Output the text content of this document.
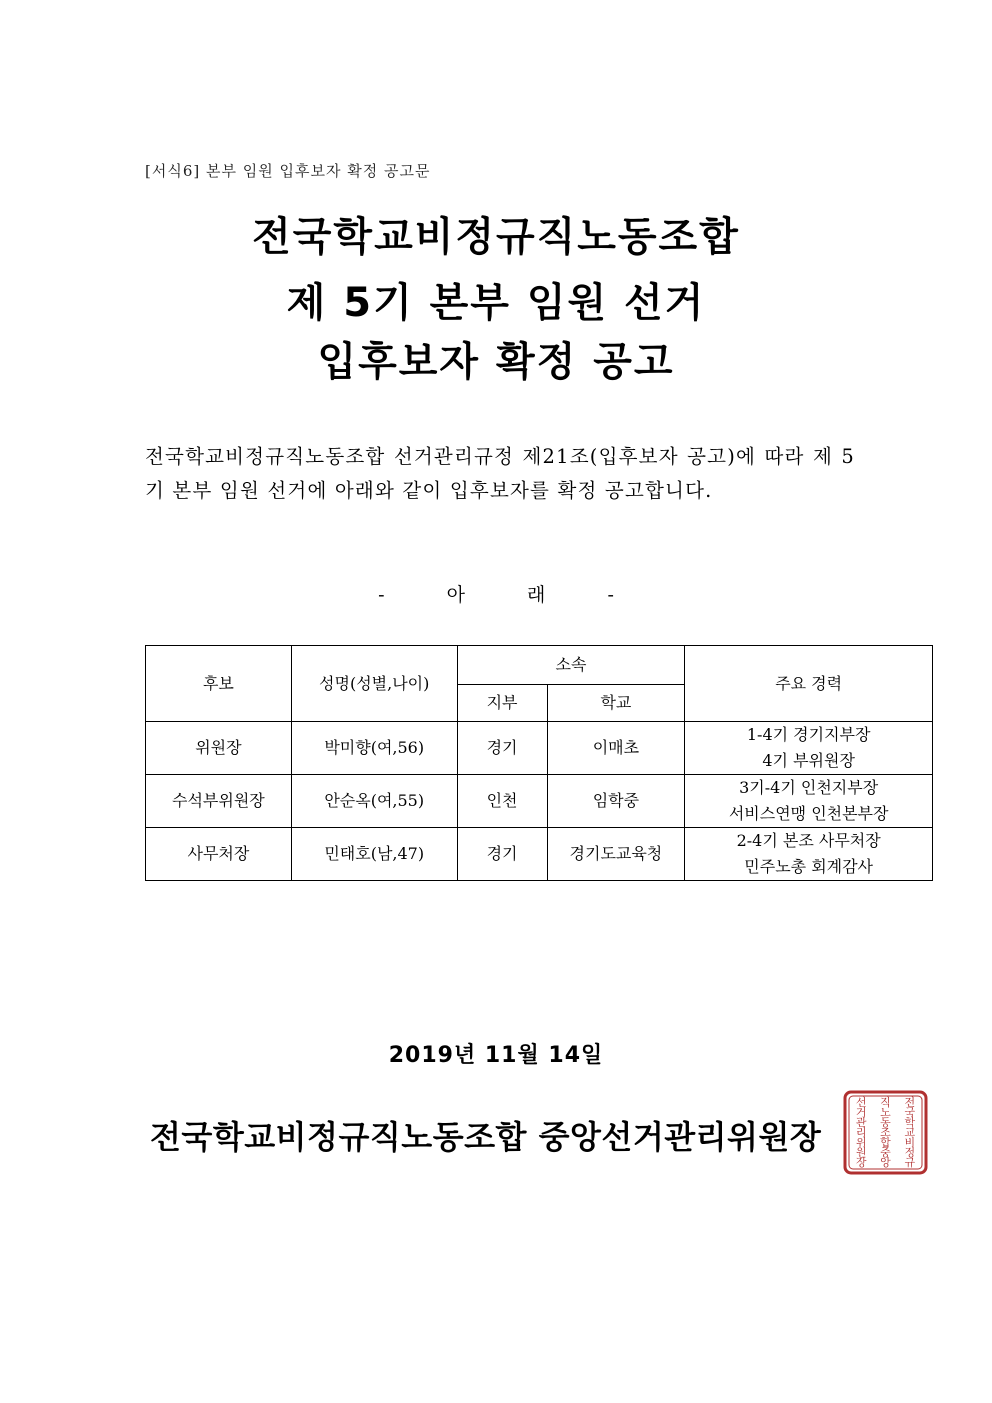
[서식6] 본부 임원 입후보자 확정 공고문
전국학교비정규직노동조합
제 5기 본부 임원 선거
입후보자 확정 공고
전국학교비정규직노동조합 선거관리규정 제21조(입후보자 공고)에 따라 제 5기 본부 임원 선거에 아래와 같이 입후보자를 확정 공고합니다.
-	아	래	-
후보	성명(성별,나이)	소속		주요 경력
		지부	학교	
위원장	박미향(여,56)	경기	이매초	1-4기 경기지부장
4기 부위원장

수석부위원장	안순옥(여,55)	인천	임학중	3기-4기 인천지부장
서비스연맹 인천본부장

사무처장	민태호(남,47)	경기	경기도교육청	2-4기 본조 사무처장
민주노총 회계감사
2019년 11월 14일
전국학교비정규직노동조합 중앙선거관리위원장
전
국
학
교
비
정
규
직
노
동
조
합
중
앙
선
거
관
리
위
원
장
